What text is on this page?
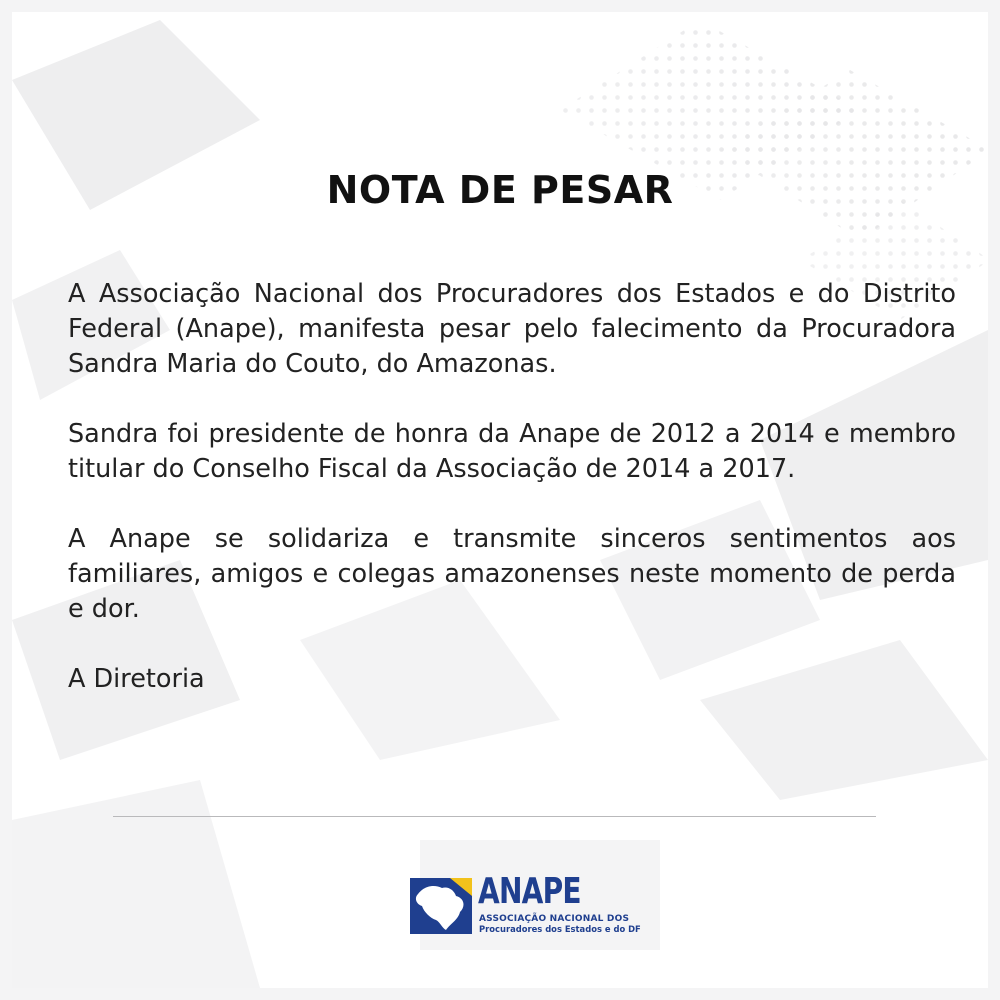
NOTA DE PESAR

A Associação Nacional dos Procuradores dos Estados e do Distrito Federal (Anape), manifesta pesar pelo falecimento da Procuradora Sandra Maria do Couto, do Amazonas.

Sandra foi presidente de honra da Anape de 2012 a 2014 e membro titular do Conselho Fiscal da Associação de 2014 a 2017.

A Anape se solidariza e transmite sinceros sentimentos aos familiares, amigos e colegas amazonenses neste momento de perda e dor.

A Diretoria

ANAPE
ASSOCIAÇÃO NACIONAL DOS
Procuradores dos Estados e do DF
